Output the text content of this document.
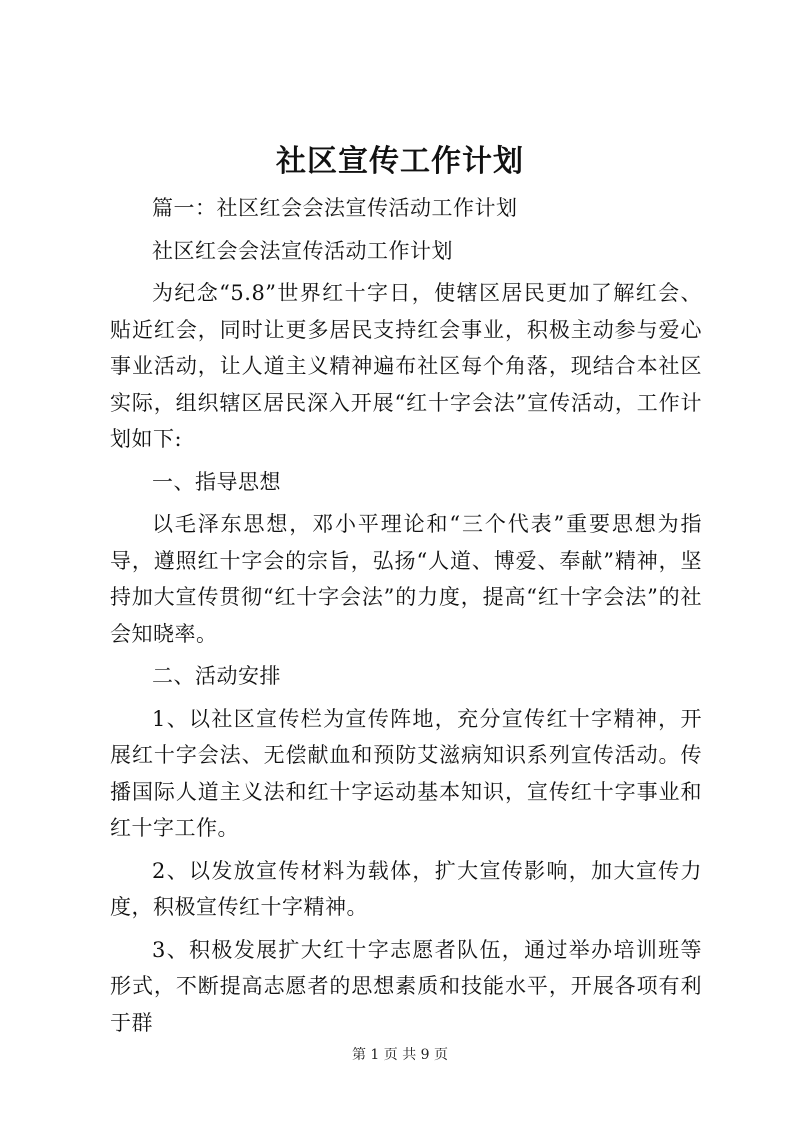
社区宣传工作计划

篇一：社区红会会法宣传活动工作计划

社区红会会法宣传活动工作计划

为纪念“5.8”世界红十字日，使辖区居民更加了解红会、贴近红会，同时让更多居民支持红会事业，积极主动参与爱心事业活动，让人道主义精神遍布社区每个角落，现结合本社区实际，组织辖区居民深入开展“红十字会法”宣传活动，工作计划如下:

一、指导思想

以毛泽东思想，邓小平理论和“三个代表”重要思想为指导，遵照红十字会的宗旨，弘扬“人道、博爱、奉献”精神，坚持加大宣传贯彻“红十字会法”的力度，提高“红十字会法”的社会知晓率。

二、活动安排

1、以社区宣传栏为宣传阵地，充分宣传红十字精神，开展红十字会法、无偿献血和预防艾滋病知识系列宣传活动。传播国际人道主义法和红十字运动基本知识，宣传红十字事业和红十字工作。

2、以发放宣传材料为载体，扩大宣传影响，加大宣传力度，积极宣传红十字精神。

3、积极发展扩大红十字志愿者队伍，通过举办培训班等形式，不断提高志愿者的思想素质和技能水平，开展各项有利于群

第 1 页 共 9 页
